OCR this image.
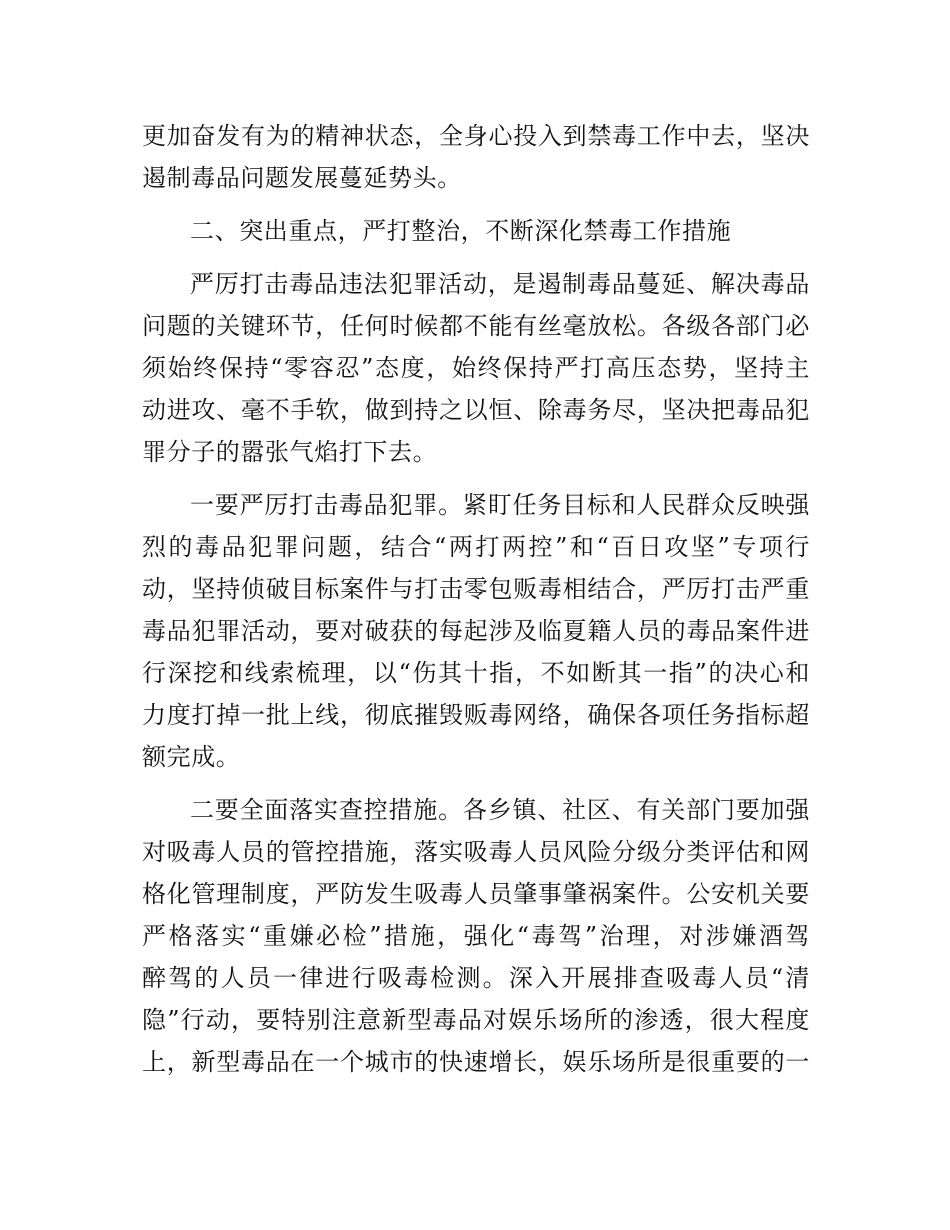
更加奋发有为的精神状态，全身心投入到禁毒工作中去，坚决
遏制毒品问题发展蔓延势头。
二、突出重点，严打整治，不断深化禁毒工作措施
严厉打击毒品违法犯罪活动，是遏制毒品蔓延、解决毒品
问题的关键环节，任何时候都不能有丝毫放松。各级各部门必
须始终保持“零容忍”态度，始终保持严打高压态势，坚持主
动进攻、毫不手软，做到持之以恒、除毒务尽，坚决把毒品犯
罪分子的嚣张气焰打下去。
一要严厉打击毒品犯罪。紧盯任务目标和人民群众反映强
烈的毒品犯罪问题，结合“两打两控”和“百日攻坚”专项行
动，坚持侦破目标案件与打击零包贩毒相结合，严厉打击严重
毒品犯罪活动，要对破获的每起涉及临夏籍人员的毒品案件进
行深挖和线索梳理，以“伤其十指，不如断其一指”的决心和
力度打掉一批上线，彻底摧毁贩毒网络，确保各项任务指标超
额完成。
二要全面落实查控措施。各乡镇、社区、有关部门要加强
对吸毒人员的管控措施，落实吸毒人员风险分级分类评估和网
格化管理制度，严防发生吸毒人员肇事肇祸案件。公安机关要
严格落实“重嫌必检”措施，强化“毒驾”治理，对涉嫌酒驾
醉驾的人员一律进行吸毒检测。深入开展排查吸毒人员“清
隐”行动，要特别注意新型毒品对娱乐场所的渗透，很大程度
上，新型毒品在一个城市的快速增长，娱乐场所是很重要的一
